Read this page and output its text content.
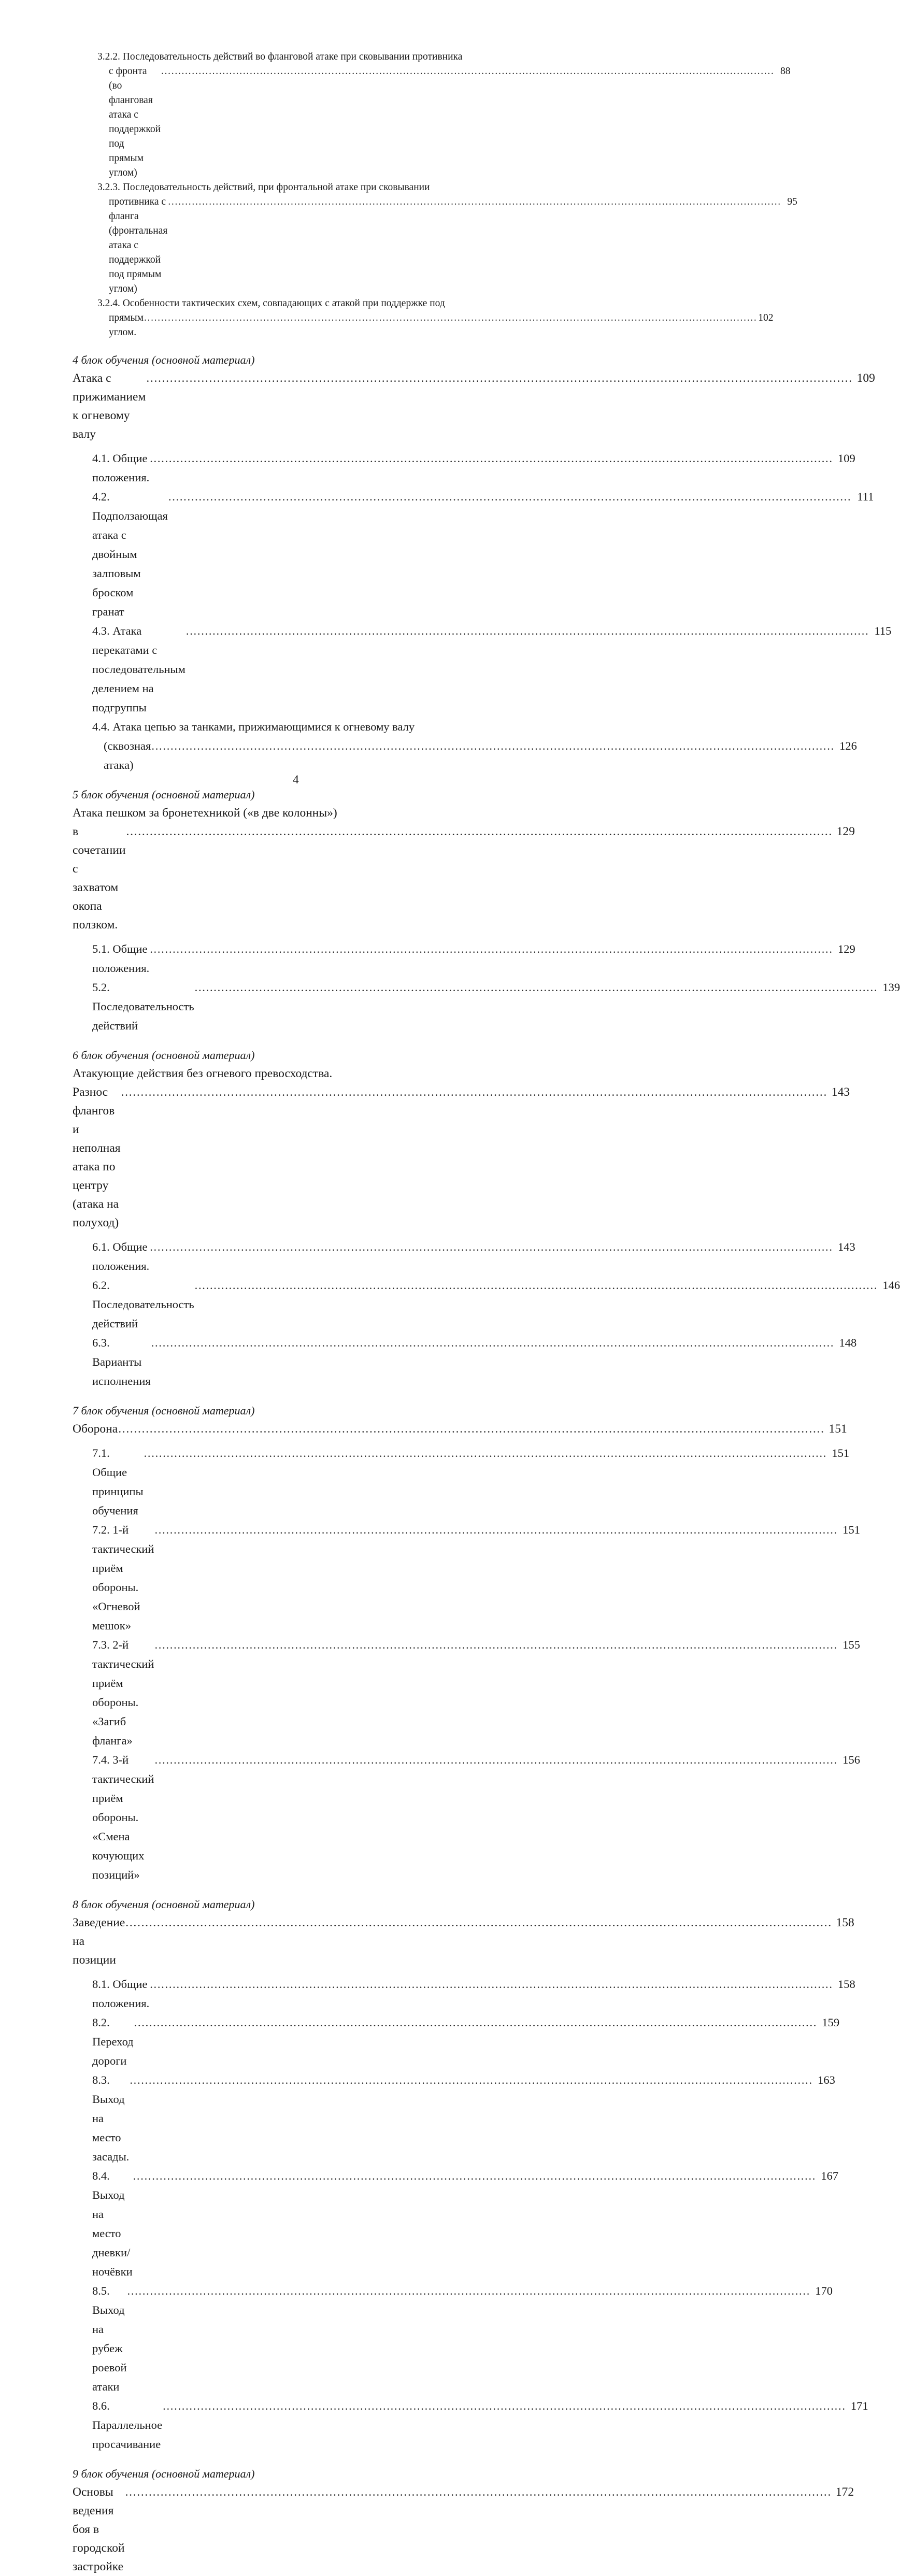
3.2.2. Последовательность действий во фланговой атаке при сковывании противника
с фронта (во фланговая атака с поддержкой под прямым углом)
.....
88
3.2.3. Последовательность действий, при фронтальной атаке при сковывании
противника с фланга (фронтальная атака с поддержкой под прямым углом)
.....
95
3.2.4. Особенности тактических схем, совпадающих с атакой при поддержке под
прямым углом.
.....
102
4 блок обучения (основной материал)
Атака с прижиманием к огневому валу
.....
109
4.1. Общие положения.
.....
109
4.2. Подползающая атака с двойным залповым броском гранат
.....
111
4.3. Атака перекатами с последовательным делением на подгруппы
.....
115
4.4. Атака цепью за танками, прижимающимися к огневому валу
(сквозная атака)
.....
126
5 блок обучения (основной материал)
Атака пешком за бронетехникой («в две колонны»)
в сочетании с захватом окопа ползком.
.....
129
5.1. Общие положения.
.....
129
5.2. Последовательность действий
.....
139
6 блок обучения (основной материал)
Атакующие действия без огневого превосходства.
Разнос флангов и неполная атака по центру (атака на полуход)
.....
143
6.1. Общие положения.
.....
143
6.2. Последовательность действий
.....
146
6.3. Варианты исполнения
.....
148
7 блок обучения (основной материал)
Оборона .....	151
7.1. Общие принципы обучения
.....
151
7.2. 1-й тактический приём обороны. «Огневой мешок»
.....
151
7.3. 2-й тактический приём обороны. «Загиб фланга»
.....
155
7.4. 3-й тактический приём обороны. «Смена кочующих позиций»
.....
156
8 блок обучения (основной материал)
Заведение на позиции
.....
158
8.1. Общие положения.
.....
158
8.2. Переход дороги
.....
159
8.3. Выход на место засады.
.....
163
8.4. Выход на место дневки/ночёвки
.....
167
8.5. Выход на рубеж роевой атаки
.....
170
8.6. Параллельное просачивание
.....
171
9 блок обучения (основной материал)
Основы ведения боя в городской застройке
.....
172
4
